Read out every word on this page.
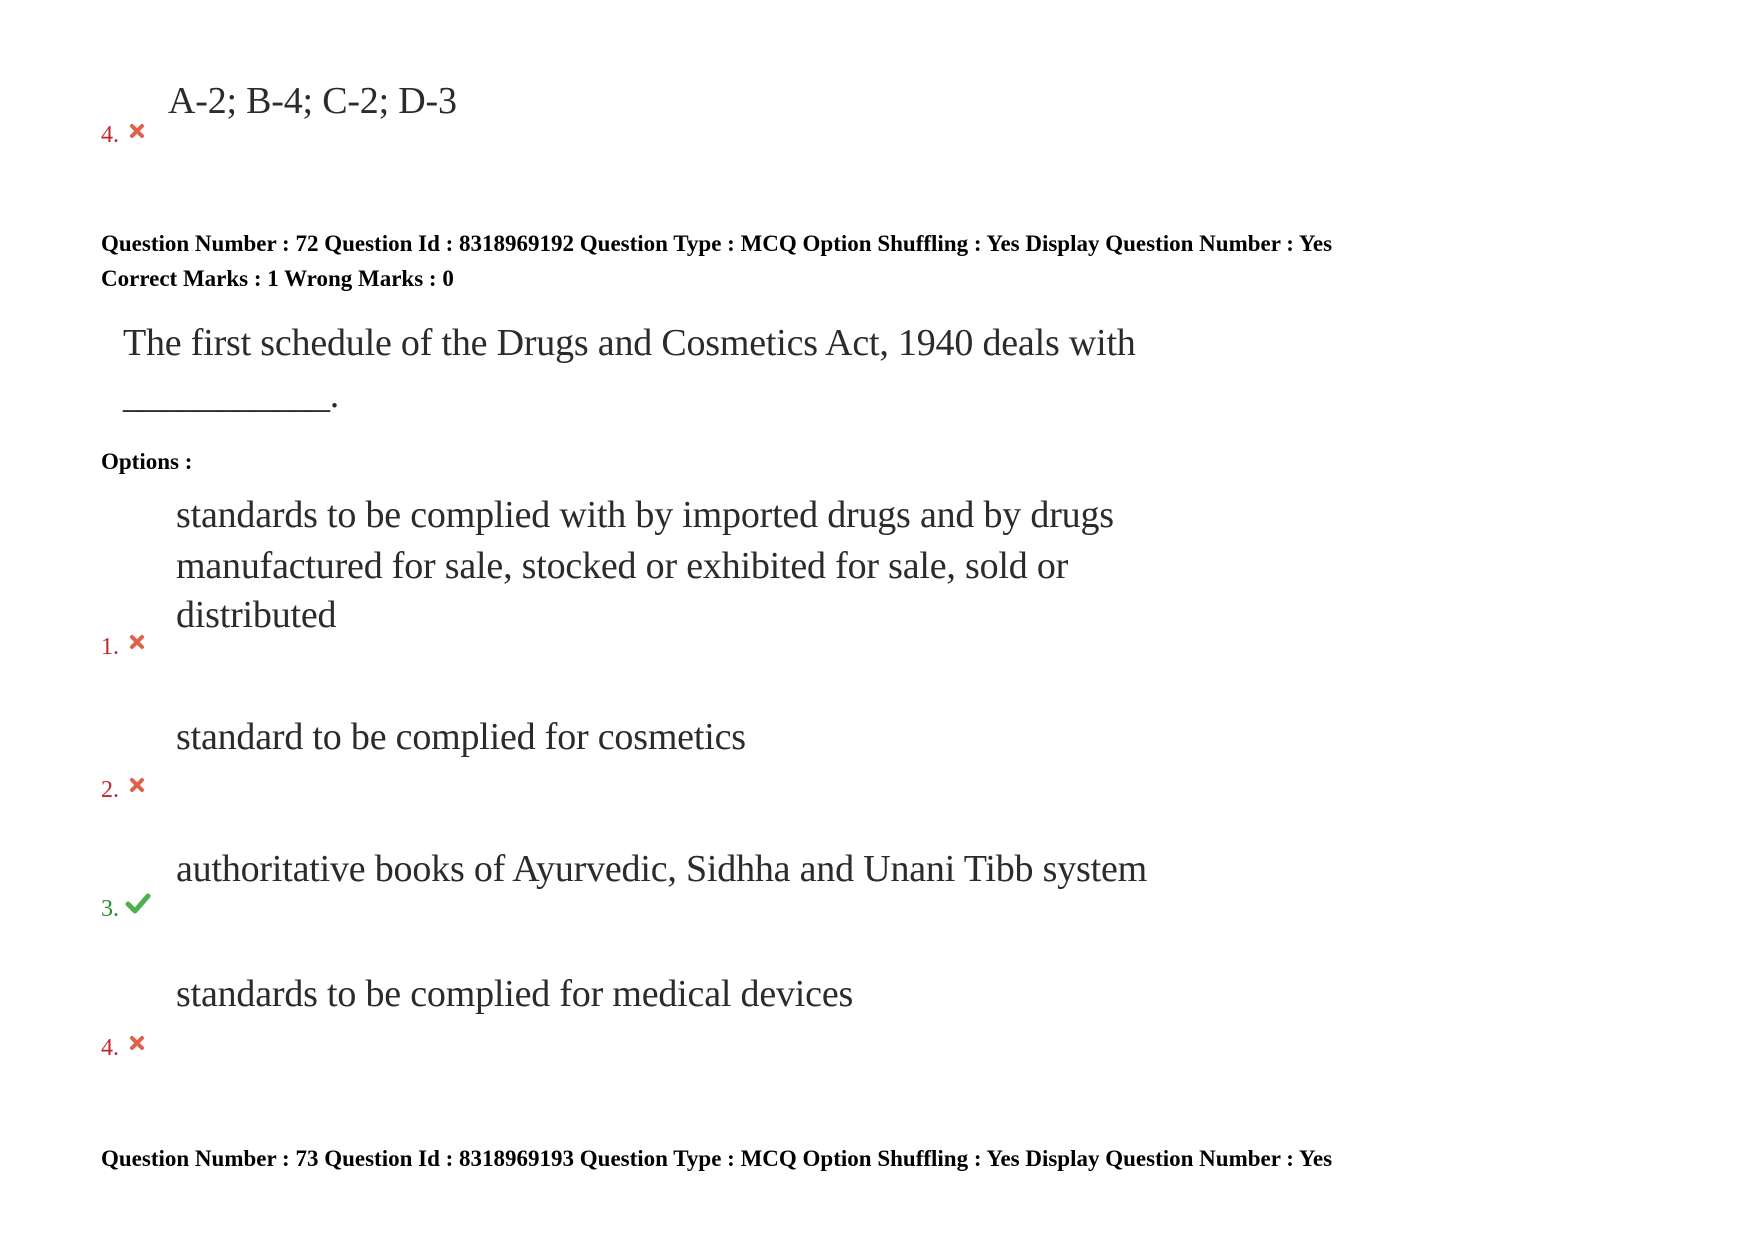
A-2; B-4; C-2; D-3
4.
Question Number : 72 Question Id : 8318969192 Question Type : MCQ Option Shuffling : Yes Display Question Number : Yes
Correct Marks : 1 Wrong Marks : 0
The first schedule of the Drugs and Cosmetics Act, 1940 deals with
___________.
Options :
standards to be complied with by imported drugs and by drugs
manufactured for sale, stocked or exhibited for sale, sold or
distributed
1.
standard to be complied for cosmetics
2.
authoritative books of Ayurvedic, Sidhha and Unani Tibb system
3.
standards to be complied for medical devices
4.
Question Number : 73 Question Id : 8318969193 Question Type : MCQ Option Shuffling : Yes Display Question Number : Yes
